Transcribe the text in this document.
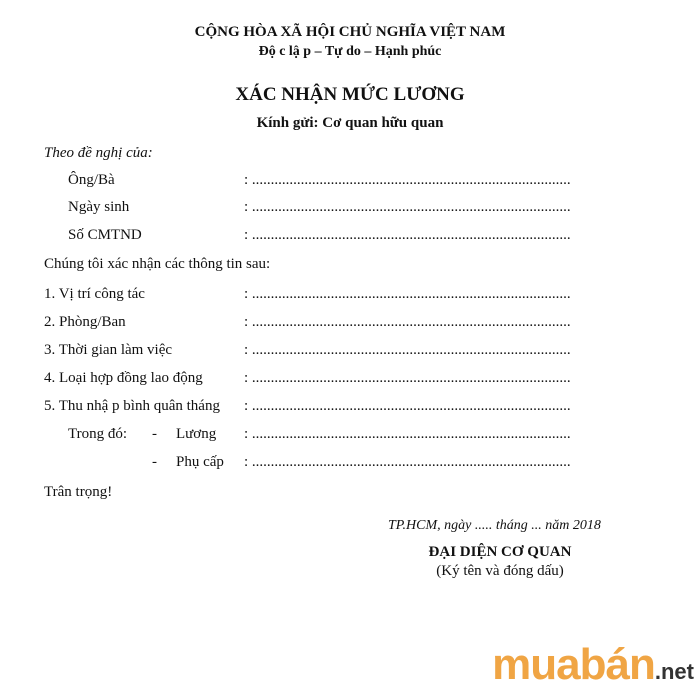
CỘNG HÒA XÃ HỘI CHỦ NGHĨA VIỆT NAM
Độ c lậ p – Tự do – Hạnh phúc
XÁC NHẬN MỨC LƯƠNG
Kính gửi: Cơ quan hữu quan
Theo đề nghị của:
Ông/Bà	: .....................................................................................
Ngày sinh	: .....................................................................................
Số CMTND	: .....................................................................................
Chúng tôi xác nhận các thông tin sau:
1. Vị trí công tác	: .....................................................................................
2. Phòng/Ban	: .....................................................................................
3. Thời gian làm việc	: .....................................................................................
4. Loại hợp đồng lao động	: .....................................................................................
5. Thu nhậ p bình quân tháng : .....................................................................................
Trong đó: - Lương : .....................................................................................
- Phụ cấp : .....................................................................................
Trân trọng!
TP.HCM, ngày ..... tháng ... năm 2018
ĐẠI DIỆN CƠ QUAN
(Ký tên và đóng dấu)
muabán.net
